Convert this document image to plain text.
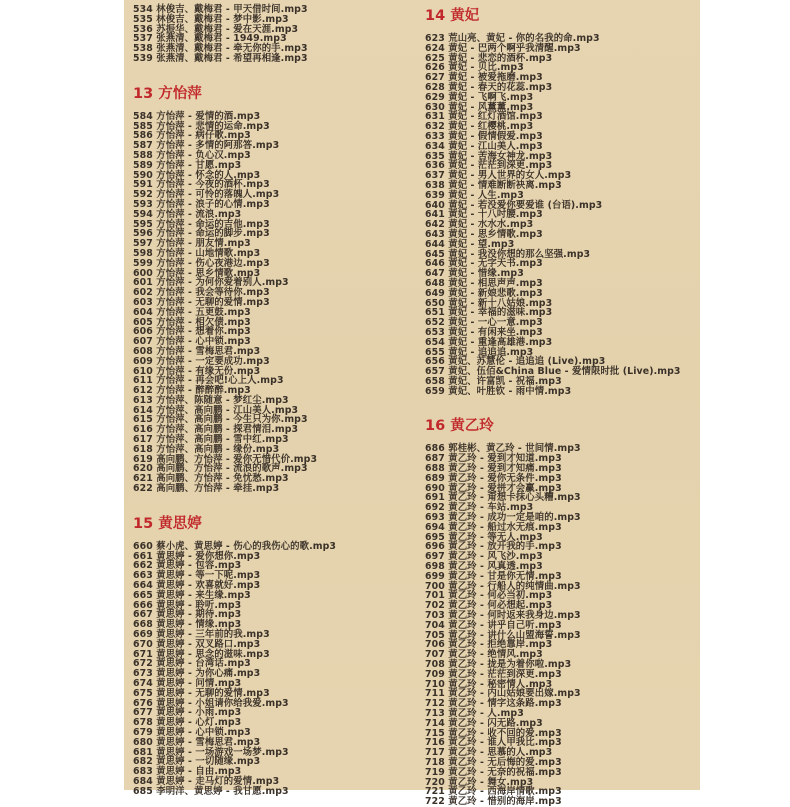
534 林俊吉、戴梅君 - 甲天借时间.mp3
535 林俊吉、戴梅君 - 梦中影.mp3
536 苏振华、戴梅君 - 爱在天涯.mp3
537 张燕清、戴梅君 - 1949.mp3
538 张燕清、戴梅君 - 牵无你的手.mp3
539 张燕清、戴梅君 - 希望再相逢.mp3
13 方怡萍
584 方怡萍 - 爱情的酒.mp3
585 方怡萍 - 悲情的运命.mp3
586 方怡萍 - 病仔歌.mp3
587 方怡萍 - 多情的阿那答.mp3
588 方怡萍 - 负心汉.mp3
589 方怡萍 - 甘愿.mp3
590 方怡萍 - 怀念的人.mp3
591 方怡萍 - 今夜的酒杯.mp3
592 方怡萍 - 可怜的落魄人.mp3
593 方怡萍 - 浪子的心情.mp3
594 方怡萍 - 流浪.mp3
595 方怡萍 - 命运的吉他.mp3
596 方怡萍 - 命运的脚步.mp3
597 方怡萍 - 朋友情.mp3
598 方怡萍 - 山地情歌.mp3
599 方怡萍 - 伤心夜港边.mp3
600 方怡萍 - 思乡情歌.mp3
601 方怡萍 - 为何你爱着别人.mp3
602 方怡萍 - 我会等待你.mp3
603 方怡萍 - 无聊的爱情.mp3
604 方怡萍 - 五更鼓.mp3
605 方怡萍 - 相欠债.mp3
606 方怡萍 - 想着你.mp3
607 方怡萍 - 心中锁.mp3
608 方怡萍 - 雪梅思君.mp3
609 方怡萍 - 一定要成功.mp3
610 方怡萍 - 有缘无份.mp3
611 方怡萍 - 再会吧!心上人.mp3
612 方怡萍 - 醉醉醉.mp3
613 方怡萍、陈随意 - 梦红尘.mp3
614 方怡萍、高向鹏 - 江山美人.mp3
615 方怡萍、高向鹏 - 今生只为你.mp3
616 方怡萍、高向鹏 - 探君情泪.mp3
617 方怡萍、高向鹏 - 雪中红.mp3
618 方怡萍、高向鹏 - 缘份.mp3
619 高向鹏、方怡萍 - 爱你无惜代价.mp3
620 高向鹏、方怡萍 - 流浪的歌声.mp3
621 高向鹏、方怡萍 - 免忧愁.mp3
622 高向鹏、方怡萍 - 牵挂.mp3
15 黄思婷
660 蔡小虎、黄思婷 - 伤心的我伤心的歌.mp3
661 黄思婷 - 爱你想你.mp3
662 黄思婷 - 包容.mp3
663 黄思婷 - 等一下呢.mp3
664 黄思婷 - 欢喜就好.mp3
665 黄思婷 - 来生缘.mp3
666 黄思婷 - 聆听.mp3
667 黄思婷 - 期待.mp3
668 黄思婷 - 情缘.mp3
669 黄思婷 - 三年前的我.mp3
670 黄思婷 - 双叉路口.mp3
671 黄思婷 - 思念的滋味.mp3
672 黄思婷 - 台湾话.mp3
673 黄思婷 - 为你心痛.mp3
674 黄思婷 - 问情.mp3
675 黄思婷 - 无聊的爱情.mp3
676 黄思婷 - 小姐请你给我爱.mp3
677 黄思婷 - 小雨.mp3
678 黄思婷 - 心灯.mp3
679 黄思婷 - 心中锁.mp3
680 黄思婷 - 雪梅思君.mp3
681 黄思婷 - 一场游戏一场梦.mp3
682 黄思婷 - 一切随缘.mp3
683 黄思婷 - 自由.mp3
684 黄思婷 - 走马灯的爱情.mp3
685 李明洋、黄思婷 - 我甘愿.mp3
14 黄妃
623 荒山亮、黄妃 - 你的名我的命.mp3
624 黄妃 - 巴两个啊乎我清醒.mp3
625 黄妃 - 悲恋的酒杯.mp3
626 黄妃 - 贝比.mp3
627 黄妃 - 被爱拖磨.mp3
628 黄妃 - 春天的花蕊.mp3
629 黄妃 - 飞啊飞.mp3
630 黄妃 - 风薰薰.mp3
631 黄妃 - 红灯酒馆.mp3
632 黄妃 - 红樱桃.mp3
633 黄妃 - 假情假爱.mp3
634 黄妃 - 江山美人.mp3
635 黄妃 - 苦海女神龙.mp3
636 黄妃 - 茫茫到深更.mp3
637 黄妃 - 男人世界的女人.mp3
638 黄妃 - 情难断断袂离.mp3
639 黄妃 - 人生.mp3
640 黄妃 - 若没爱你要爱谁 (台语).mp3
641 黄妃 - 十八吋腰.mp3
642 黄妃 - 水水水.mp3
643 黄妃 - 思乡情歌.mp3
644 黄妃 - 望.mp3
645 黄妃 - 我没你想的那么坚强.mp3
646 黄妃 - 无字天书.mp3
647 黄妃 - 惜缘.mp3
648 黄妃 - 相思声声.mp3
649 黄妃 - 新娘悲歌.mp3
650 黄妃 - 新十八姑娘.mp3
651 黄妃 - 幸福的滋味.mp3
652 黄妃 - 一心一意.mp3
653 黄妃 - 有闲来坐.mp3
654 黄妃 - 重逢高雄港.mp3
655 黄妃 - 追追追.mp3
656 黄妃、苏慧伦 - 追追追 (Live).mp3
657 黄妃、伍佰&China Blue - 爱情限时批 (Live).mp3
658 黄妃、许富凯 - 祝福.mp3
659 黄妃、叶胜钦 - 雨中情.mp3
16 黄乙玲
686 郭桂彬、黄乙玲 - 世间情.mp3
687 黄乙玲 - 爱到才知道.mp3
688 黄乙玲 - 爱到才知痛.mp3
689 黄乙玲 - 爱你无条件.mp3
690 黄乙玲 - 爱拼才会赢.mp3
691 黄乙玲 - 甭想卡抹心头糟.mp3
692 黄乙玲 - 车站.mp3
693 黄乙玲 - 成功一定是咱的.mp3
694 黄乙玲 - 船过水无痕.mp3
695 黄乙玲 - 等无人.mp3
696 黄乙玲 - 放开我的手.mp3
697 黄乙玲 - 风飞沙.mp3
698 黄乙玲 - 风真透.mp3
699 黄乙玲 - 甘是你无情.mp3
700 黄乙玲 - 行船人的纯情曲.mp3
701 黄乙玲 - 何必当初.mp3
702 黄乙玲 - 何必想起.mp3
703 黄乙玲 - 何时返来我身边.mp3
704 黄乙玲 - 讲乎自己听.mp3
705 黄乙玲 - 讲什么山盟海誓.mp3
706 黄乙玲 - 拒绝靠岸.mp3
707 黄乙玲 - 绝情风.mp3
708 黄乙玲 - 拢是为着你啦.mp3
709 黄乙玲 - 茫茫到深更.mp3
710 黄乙玲 - 秘密情人.mp3
711 黄乙玲 - 内山姑娘要出嫁.mp3
712 黄乙玲 - 情字这条路.mp3
713 黄乙玲 - 人.mp3
714 黄乙玲 - 闪无路.mp3
715 黄乙玲 - 收不回的爱.mp3
716 黄乙玲 - 谁人甲我比.mp3
717 黄乙玲 - 思慕的人.mp3
718 黄乙玲 - 无后悔的爱.mp3
719 黄乙玲 - 无奈的祝福.mp3
720 黄乙玲 - 舞女.mp3
721 黄乙玲 - 西海岸情歌.mp3
722 黄乙玲 - 惜别的海岸.mp3
